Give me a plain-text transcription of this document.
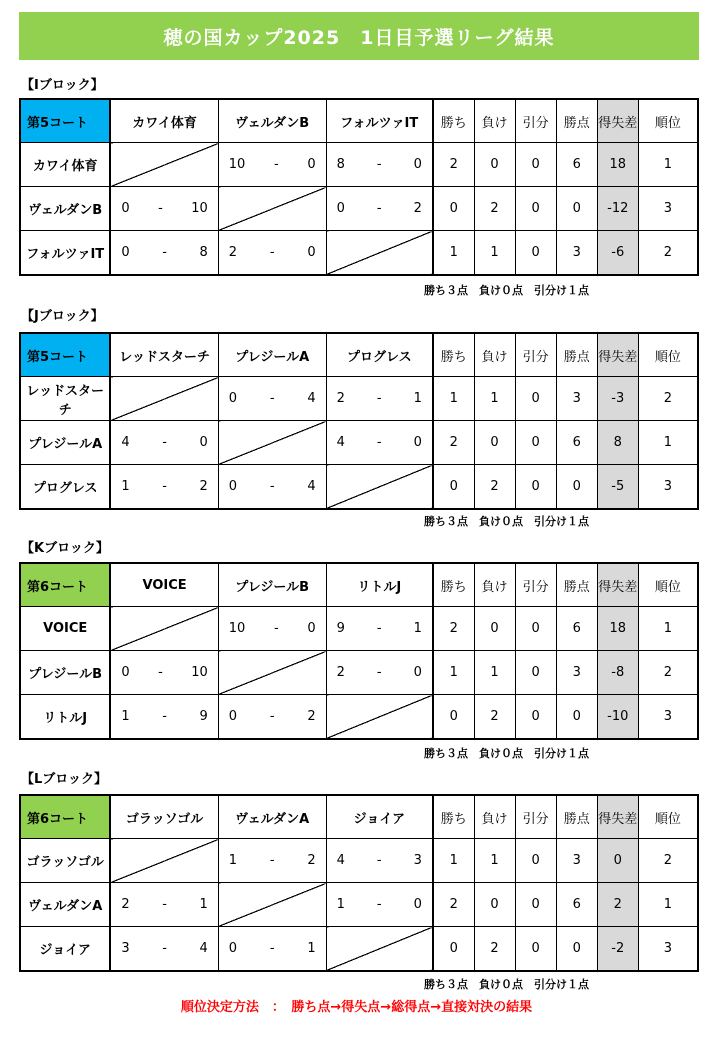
穂の国カップ2025　1日目予選リーグ結果
【Iブロック】
第5コート	カワイ体育	ヴェルダンB	フォルツァIT	勝ち	負け	引分	勝点	得失差	順位
カワイ体育		10 - 0	8 - 0	2	0	0	6	18	1
ヴェルダンB	0 - 10		0 - 2	0	2	0	0	-12	3
フォルツァIT	0 - 8	2 - 0		1	1	0	3	-6	2
勝ち３点　負け０点　引分け１点
【Jブロック】
第5コート	レッドスターチ	プレジールA	プログレス	勝ち	負け	引分	勝点	得失差	順位
レッドスターチ		0 - 4	2 - 1	1	1	0	3	-3	2
プレジールA	4 - 0		4 - 0	2	0	0	6	8	1
プログレス	1 - 2	0 - 4		0	2	0	0	-5	3
勝ち３点　負け０点　引分け１点
【Kブロック】
第6コート	VOICE	プレジールB	リトルJ	勝ち	負け	引分	勝点	得失差	順位
VOICE		10 - 0	9 - 1	2	0	0	6	18	1
プレジールB	0 - 10		2 - 0	1	1	0	3	-8	2
リトルJ	1 - 9	0 - 2		0	2	0	0	-10	3
勝ち３点　負け０点　引分け１点
【Lブロック】
第6コート	ゴラッソゴル	ヴェルダンA	ジョイア	勝ち	負け	引分	勝点	得失差	順位
ゴラッソゴル		1 - 2	4 - 3	1	1	0	3	0	2
ヴェルダンA	2 - 1		1 - 0	2	0	0	6	2	1
ジョイア	3 - 4	0 - 1		0	2	0	0	-2	3
勝ち３点　負け０点　引分け１点
順位決定方法　：　勝ち点→得失点→総得点→直接対決の結果
